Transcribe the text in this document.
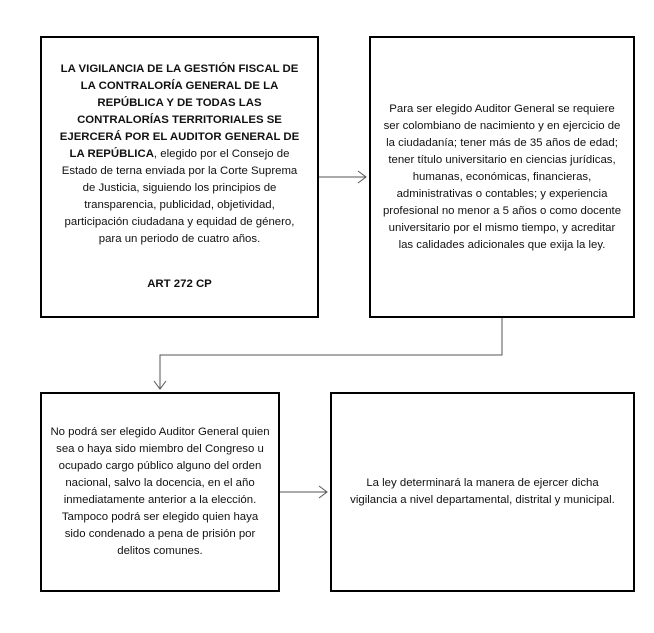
LA VIGILANCIA DE LA GESTIÓN FISCAL DE LA CONTRALORÍA GENERAL DE LA REPÚBLICA Y DE TODAS LAS CONTRALORÍAS TERRITORIALES SE EJERCERÁ POR EL AUDITOR GENERAL DE LA REPÚBLICA, elegido por el Consejo de Estado de terna enviada por la Corte Suprema de Justicia, siguiendo los principios de transparencia, publicidad, objetividad, participación ciudadana y equidad de género, para un periodo de cuatro años.

ART 272 CP

Para ser elegido Auditor General se requiere ser colombiano de nacimiento y en ejercicio de la ciudadanía; tener más de 35 años de edad; tener título universitario en ciencias jurídicas, humanas, económicas, financieras, administrativas o contables; y experiencia profesional no menor a 5 años o como docente universitario por el mismo tiempo, y acreditar las calidades adicionales que exija la ley.

No podrá ser elegido Auditor General quien sea o haya sido miembro del Congreso u ocupado cargo público alguno del orden nacional, salvo la docencia, en el año inmediatamente anterior a la elección. Tampoco podrá ser elegido quien haya sido condenado a pena de prisión por delitos comunes.

La ley determinará la manera de ejercer dicha vigilancia a nivel departamental, distrital y municipal.
